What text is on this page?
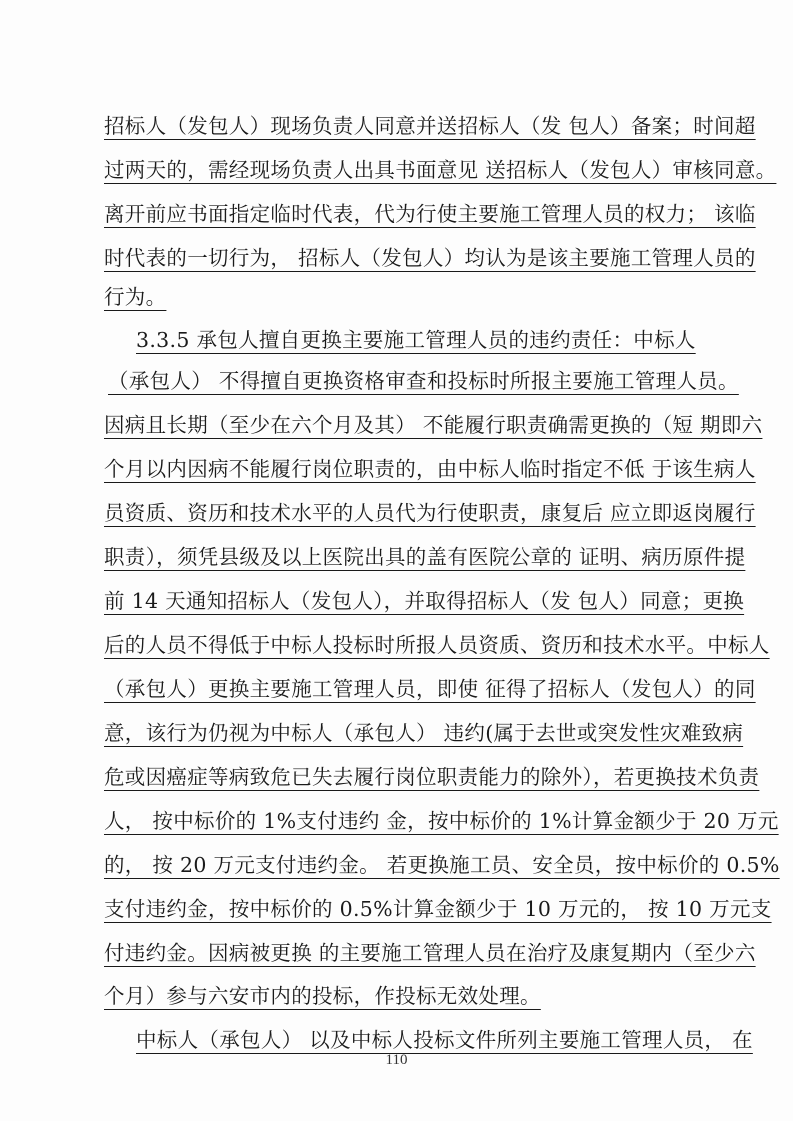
招标人（发包人）现场负责人同意并送招标人（发 包人）备案；时间超
过两天的，需经现场负责人出具书面意见 送招标人（发包人）审核同意。
离开前应书面指定临时代表，代为行使主要施工管理人员的权力； 该临
时代表的一切行为， 招标人（发包人）均认为是该主要施工管理人员的
行为。
3.3.5 承包人擅自更换主要施工管理人员的违约责任：中标人
（承包人） 不得擅自更换资格审查和投标时所报主要施工管理人员。
因病且长期（至少在六个月及其） 不能履行职责确需更换的（短 期即六
个月以内因病不能履行岗位职责的，由中标人临时指定不低 于该生病人
员资质、资历和技术水平的人员代为行使职责，康复后 应立即返岗履行
职责），须凭县级及以上医院出具的盖有医院公章的 证明、病历原件提
前 14 天通知招标人（发包人），并取得招标人（发 包人）同意；更换
后的人员不得低于中标人投标时所报人员资质、资历和技术水平。中标人
（承包人）更换主要施工管理人员，即使 征得了招标人（发包人）的同
意，该行为仍视为中标人（承包人） 违约(属于去世或突发性灾难致病
危或因癌症等病致危已失去履行岗位职责能力的除外），若更换技术负责
人， 按中标价的 1%支付违约 金，按中标价的 1%计算金额少于 20 万元
的， 按 20 万元支付违约金。 若更换施工员、安全员，按中标价的 0.5%
支付违约金，按中标价的 0.5%计算金额少于 10 万元的， 按 10 万元支
付违约金。因病被更换 的主要施工管理人员在治疗及康复期内（至少六
个月）参与六安市内的投标，作投标无效处理。
中标人（承包人） 以及中标人投标文件所列主要施工管理人员， 在
110
